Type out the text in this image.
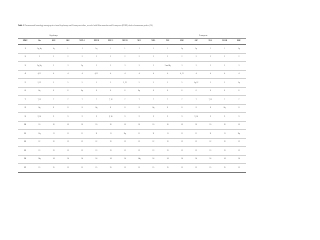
Table 1 Chromosomal homology among species from Onychomys and Peromyscus tribes, revealed with Mus musculus and Peromyscus (PERE) whole-chromosome probes (CS)
Onychomys										Peromyscus					
MMU	Chr	OLE	OLE	NEP-A	NEP-B	NEP-C	NEP-D	NPA	NDA	TSE	ONE	ASP	NLA	NCOR	BRE
1	1q, 4q	1q	1	1	1q	1	1	1	1	1	1q	1q	1	1	1q
2	2	2	2	2	2	2	2	2	2	2	2	2	2	2	2
3	3q, 8q	3	3	3q	3	3	3	3	3	3 and 8q	3	3	3	3	3
4	4, 11	4	4	4	4, 11	4	4	4	4	4	4, 11	4	4	4	4
5	5, 12	5	5	5	5	5	5, 12	5	5	5	5	5q, 12	5	5	5q
6	6q	6	6	6q	6	6	6	6q	6	6	6	6	6	6	6
7	7, 12	7	7	7	7	7, 12	7	7	7	7	7	7	7, 12	7	7
8	8q	8	8	8	8q	8	8	8	8q	8	8	8	8	8q	8
9	9, 16	9	9	9	9	9, 16	9	9	9	9	9	9, 16	9	9	9
10	10	10	10	10	10	10	10	10	10	10	10	10	10	10	10
11	11q	11	11	11	11	11	11q	11	11	11	11	11	11	11	11q
12	12	12	12	12	12	12	12	12	12	12	12	12	12	12	12
13	13	13	13	13	13	13	13	13	13	13	13	13	13	13	13
14	14q	14	14	14	14	14	14	14q	14	14	14	14	14	14	14
15	15	15	15	15	15	15	15	15	15	15	15	15	15	15	15
